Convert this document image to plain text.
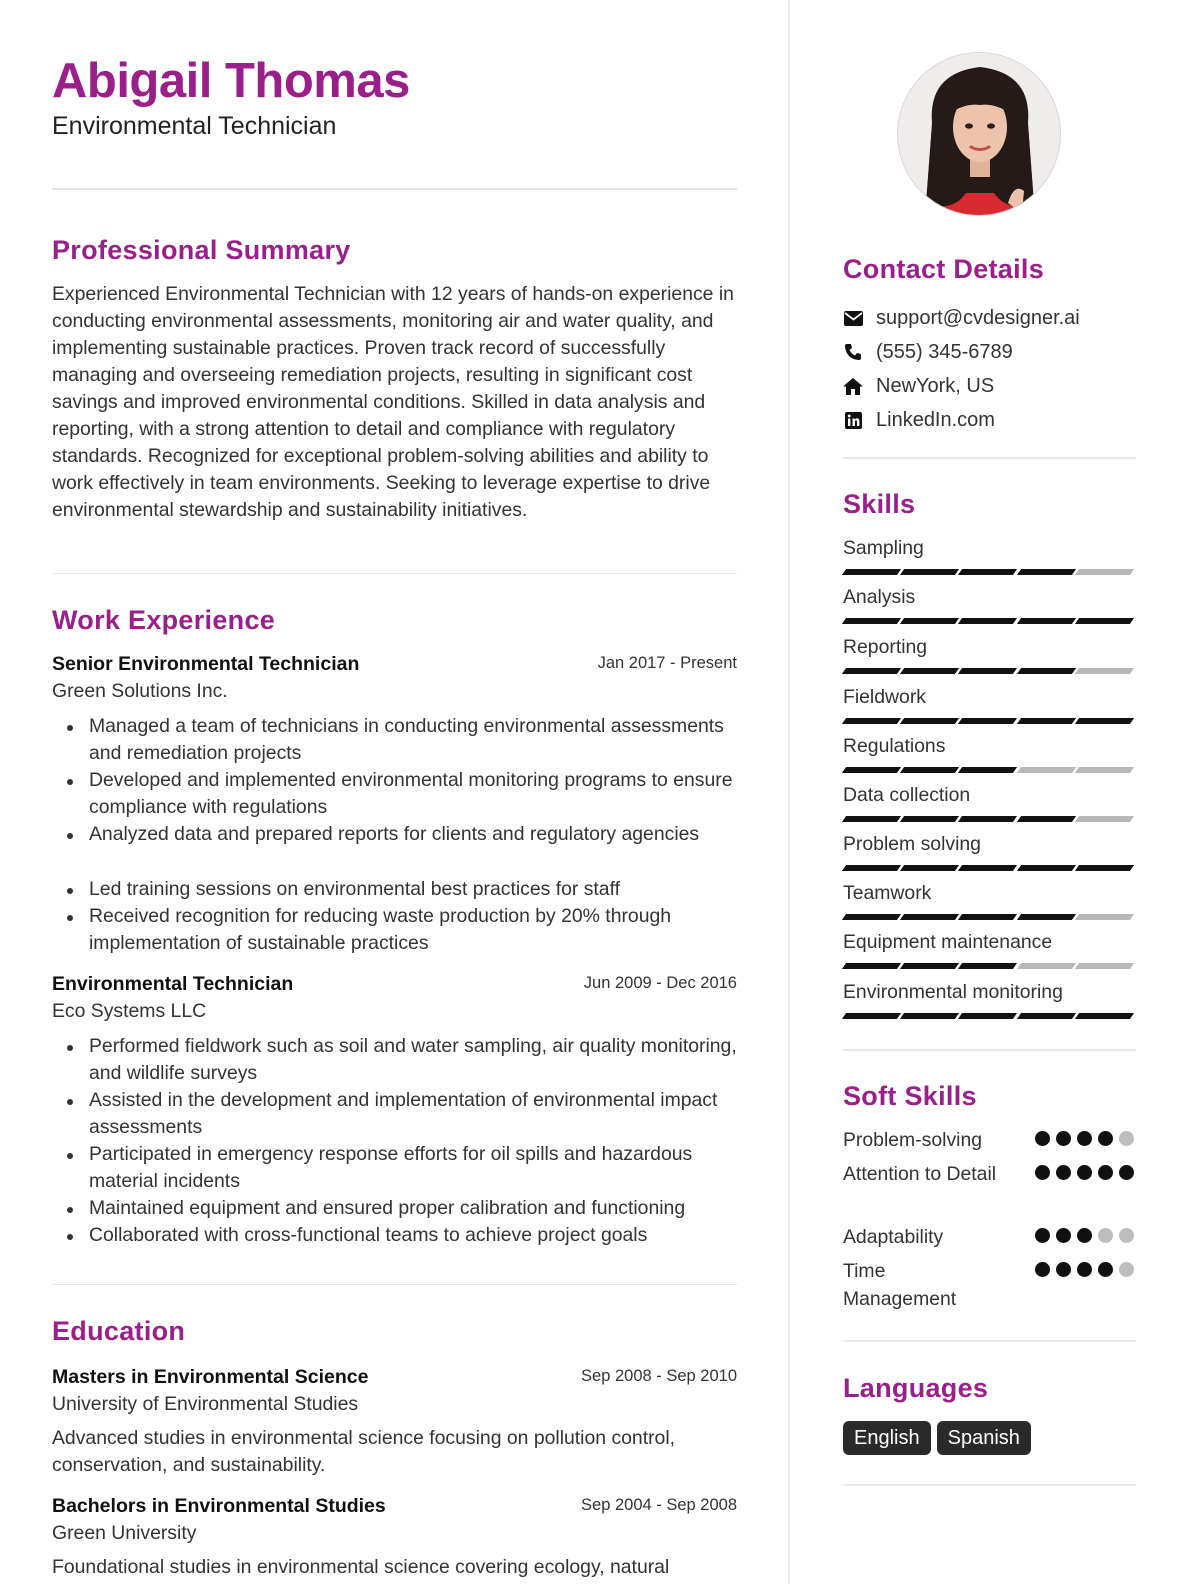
Abigail Thomas
Environmental Technician
Professional Summary
Experienced Environmental Technician with 12 years of hands-on experience in conducting environmental assessments, monitoring air and water quality, and implementing sustainable practices. Proven track record of successfully managing and overseeing remediation projects, resulting in significant cost savings and improved environmental conditions. Skilled in data analysis and reporting, with a strong attention to detail and compliance with regulatory standards. Recognized for exceptional problem-solving abilities and ability to work effectively in team environments. Seeking to leverage expertise to drive environmental stewardship and sustainability initiatives.
Work Experience
Senior Environmental Technician	Jan 2017 - Present
Green Solutions Inc.
Managed a team of technicians in conducting environmental assessments and remediation projects
Developed and implemented environmental monitoring programs to ensure compliance with regulations
Analyzed data and prepared reports for clients and regulatory agencies
Led training sessions on environmental best practices for staff
Received recognition for reducing waste production by 20% through implementation of sustainable practices
Environmental Technician	Jun 2009 - Dec 2016
Eco Systems LLC
Performed fieldwork such as soil and water sampling, air quality monitoring, and wildlife surveys
Assisted in the development and implementation of environmental impact assessments
Participated in emergency response efforts for oil spills and hazardous material incidents
Maintained equipment and ensured proper calibration and functioning
Collaborated with cross-functional teams to achieve project goals
Education
Masters in Environmental Science	Sep 2008 - Sep 2010
University of Environmental Studies
Advanced studies in environmental science focusing on pollution control, conservation, and sustainability.
Bachelors in Environmental Studies	Sep 2004 - Sep 2008
Green University
Foundational studies in environmental science covering ecology, natural
Contact Details
support@cvdesigner.ai
(555) 345-6789
NewYork, US
LinkedIn.com
Skills
Sampling
Analysis
Reporting
Fieldwork
Regulations
Data collection
Problem solving
Teamwork
Equipment maintenance
Environmental monitoring
Soft Skills
Problem-solving
Attention to Detail
Adaptability
Time Management
Languages
English	Spanish
